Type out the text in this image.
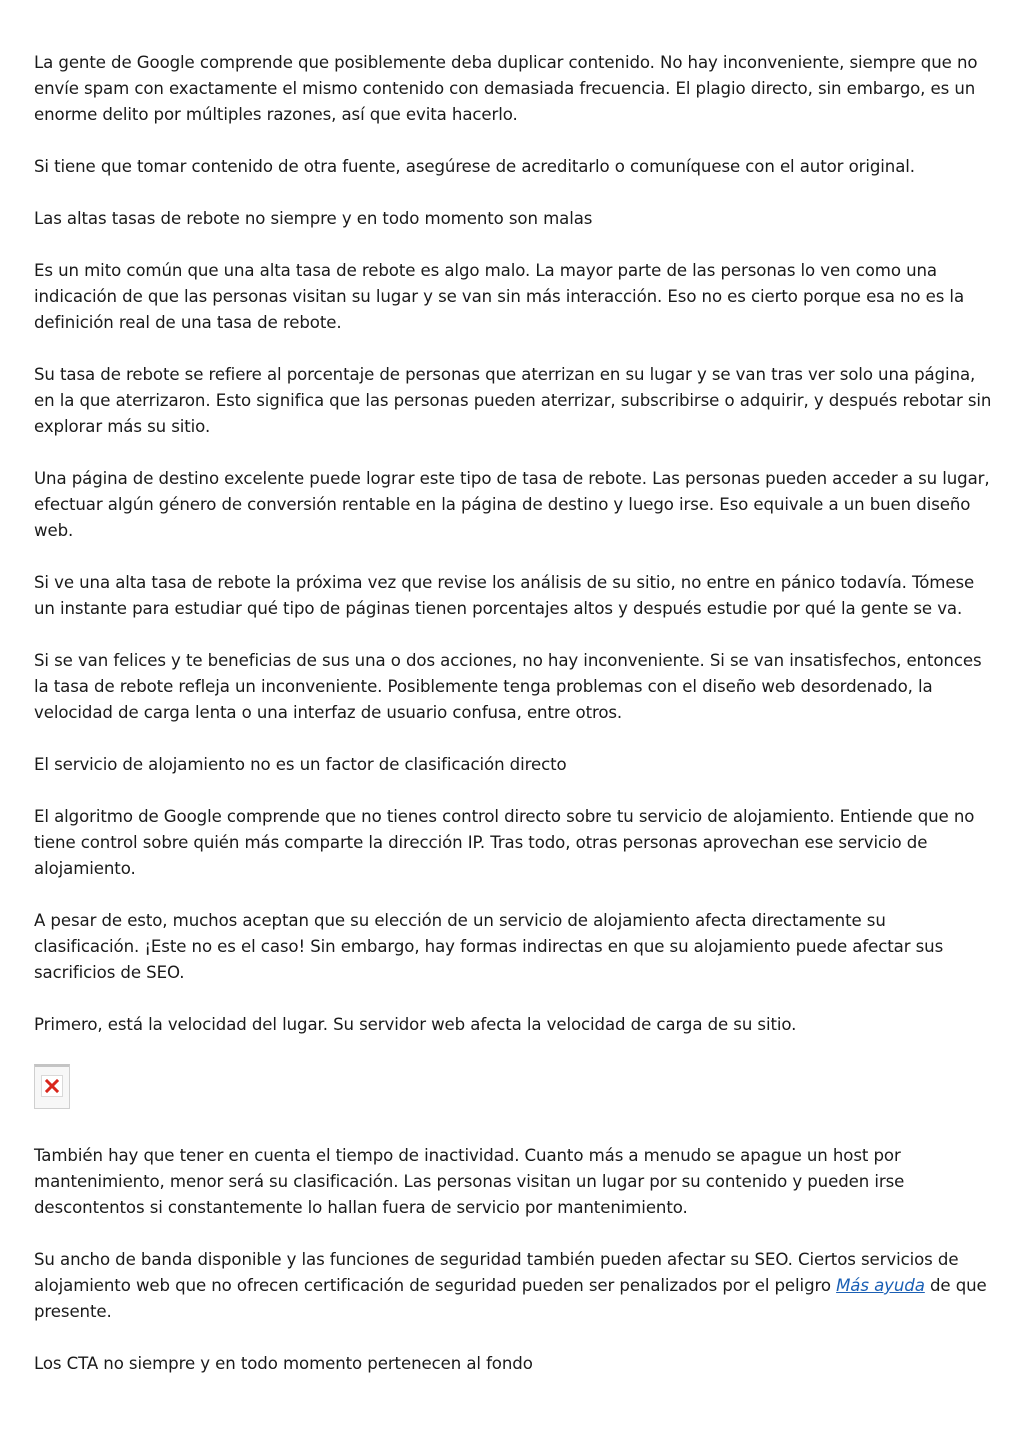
La gente de Google comprende que posiblemente deba duplicar contenido. No hay inconveniente, siempre que no envíe spam con exactamente el mismo contenido con demasiada frecuencia. El plagio directo, sin embargo, es un enorme delito por múltiples razones, así que evita hacerlo.

Si tiene que tomar contenido de otra fuente, asegúrese de acreditarlo o comuníquese con el autor original.

Las altas tasas de rebote no siempre y en todo momento son malas

Es un mito común que una alta tasa de rebote es algo malo. La mayor parte de las personas lo ven como una indicación de que las personas visitan su lugar y se van sin más interacción. Eso no es cierto porque esa no es la definición real de una tasa de rebote.

Su tasa de rebote se refiere al porcentaje de personas que aterrizan en su lugar y se van tras ver solo una página, en la que aterrizaron. Esto significa que las personas pueden aterrizar, subscribirse o adquirir, y después rebotar sin explorar más su sitio.

Una página de destino excelente puede lograr este tipo de tasa de rebote. Las personas pueden acceder a su lugar, efectuar algún género de conversión rentable en la página de destino y luego irse. Eso equivale a un buen diseño web.

Si ve una alta tasa de rebote la próxima vez que revise los análisis de su sitio, no entre en pánico todavía. Tómese un instante para estudiar qué tipo de páginas tienen porcentajes altos y después estudie por qué la gente se va.

Si se van felices y te beneficias de sus una o dos acciones, no hay inconveniente. Si se van insatisfechos, entonces la tasa de rebote refleja un inconveniente. Posiblemente tenga problemas con el diseño web desordenado, la velocidad de carga lenta o una interfaz de usuario confusa, entre otros.

El servicio de alojamiento no es un factor de clasificación directo

El algoritmo de Google comprende que no tienes control directo sobre tu servicio de alojamiento. Entiende que no tiene control sobre quién más comparte la dirección IP. Tras todo, otras personas aprovechan ese servicio de alojamiento.

A pesar de esto, muchos aceptan que su elección de un servicio de alojamiento afecta directamente su clasificación. ¡Este no es el caso! Sin embargo, hay formas indirectas en que su alojamiento puede afectar sus sacrificios de SEO.

Primero, está la velocidad del lugar. Su servidor web afecta la velocidad de carga de su sitio.

También hay que tener en cuenta el tiempo de inactividad. Cuanto más a menudo se apague un host por mantenimiento, menor será su clasificación. Las personas visitan un lugar por su contenido y pueden irse descontentos si constantemente lo hallan fuera de servicio por mantenimiento.

Su ancho de banda disponible y las funciones de seguridad también pueden afectar su SEO. Ciertos servicios de alojamiento web que no ofrecen certificación de seguridad pueden ser penalizados por el peligro Más ayuda de que presente.

Los CTA no siempre y en todo momento pertenecen al fondo
